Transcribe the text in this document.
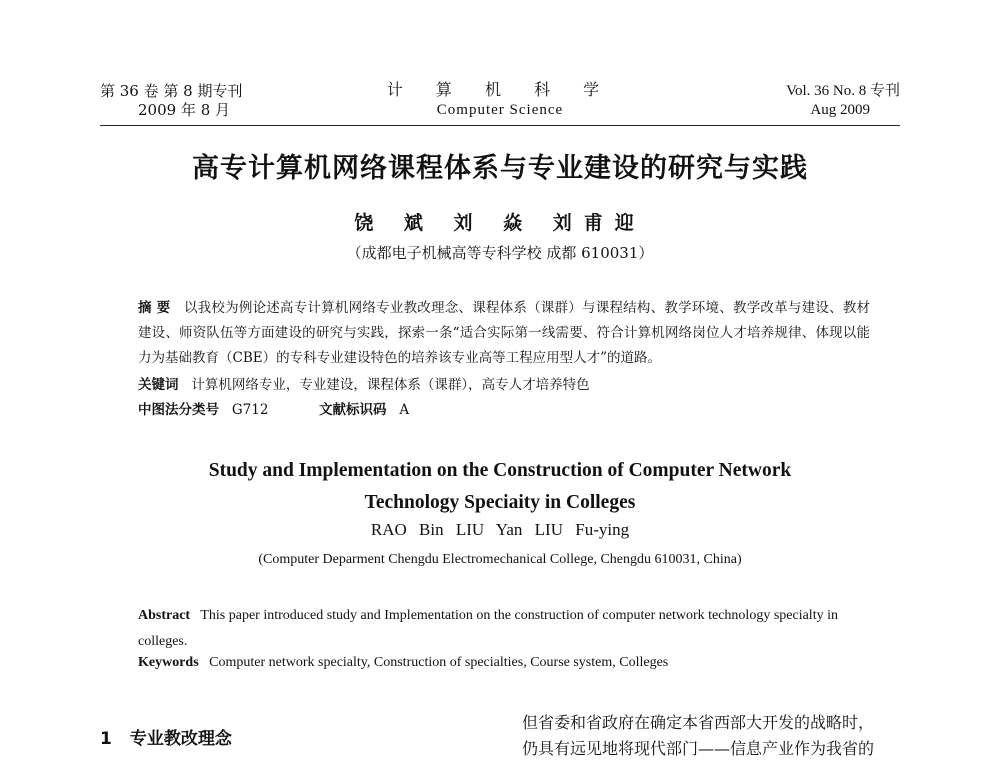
第 36 卷 第 8 期专刊
2009 年 8 月
计 算 机 科 学
Computer Science
Vol. 36 No. 8 专刊
Aug 2009
高专计算机网络课程体系与专业建设的研究与实践
饶 斌 刘 焱 刘甫迎
（成都电子机械高等专科学校 成都 610031）
摘 要 以我校为例论述高专计算机网络专业教改理念、课程体系（课群）与课程结构、教学环境、教学改革与建设、教材建设、师资队伍等方面建设的研究与实践，探索一条“适合实际第一线需要、符合计算机网络岗位人才培养规律、体现以能力为基础教育（CBE）的专科专业建设特色的培养该专业高等工程应用型人才”的道路。
关键词 计算机网络专业，专业建设，课程体系（课群），高专人才培养特色
中图法分类号 G712	文献标识码 A
Study and Implementation on the Construction of Computer Network
Technology Speciaity in Colleges
RAO Bin LIU Yan LIU Fu-ying
(Computer Deparment Chengdu Electromechanical College, Chengdu 610031, China)
Abstract This paper introduced study and Implementation on the construction of computer network technology specialty in colleges.
Keywords Computer network specialty, Construction of specialties, Course system, Colleges
1 专业教改理念
但省委和省政府在确定本省西部大开发的战略时，
仍具有远见地将现代部门——信息产业作为我省的
